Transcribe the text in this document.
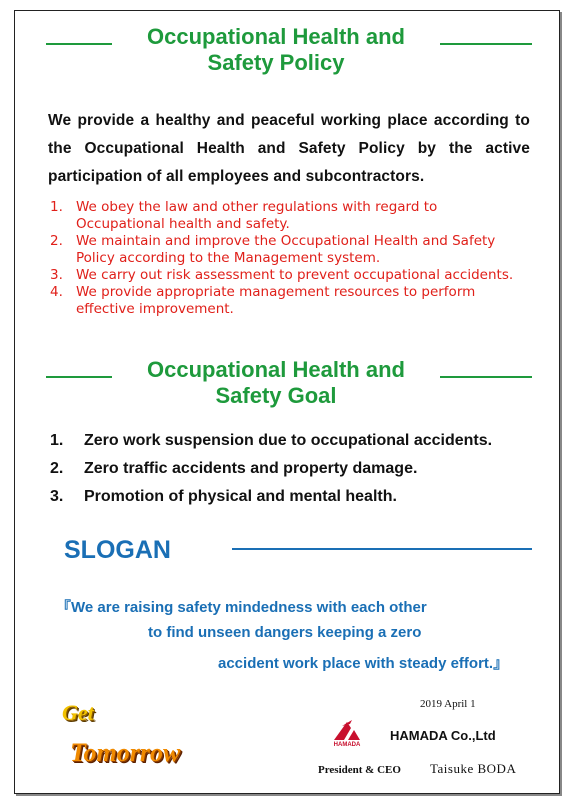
Occupational Health and
Safety Policy
We provide a healthy and peaceful working place according to the Occupational Health and Safety Policy by the active participation of all employees and subcontractors.
1. We obey the law and other regulations with regard to Occupational health and safety.
2. We maintain and improve the Occupational Health and Safety Policy according to the Management system.
3. We carry out risk assessment to prevent occupational accidents.
4. We provide appropriate management resources to perform effective improvement.
Occupational Health and
Safety Goal
1.	Zero work suspension due to occupational accidents.
2.	Zero traffic accidents and property damage.
3.	Promotion of physical and mental health.
SLOGAN
『We are raising safety mindedness with each other
to find unseen dangers keeping a zero
accident work place with steady effort.』
Get
Tomorrow
2019 April 1
HAMADA
HAMADA Co.,Ltd
President & CEO Taisuke BODA
